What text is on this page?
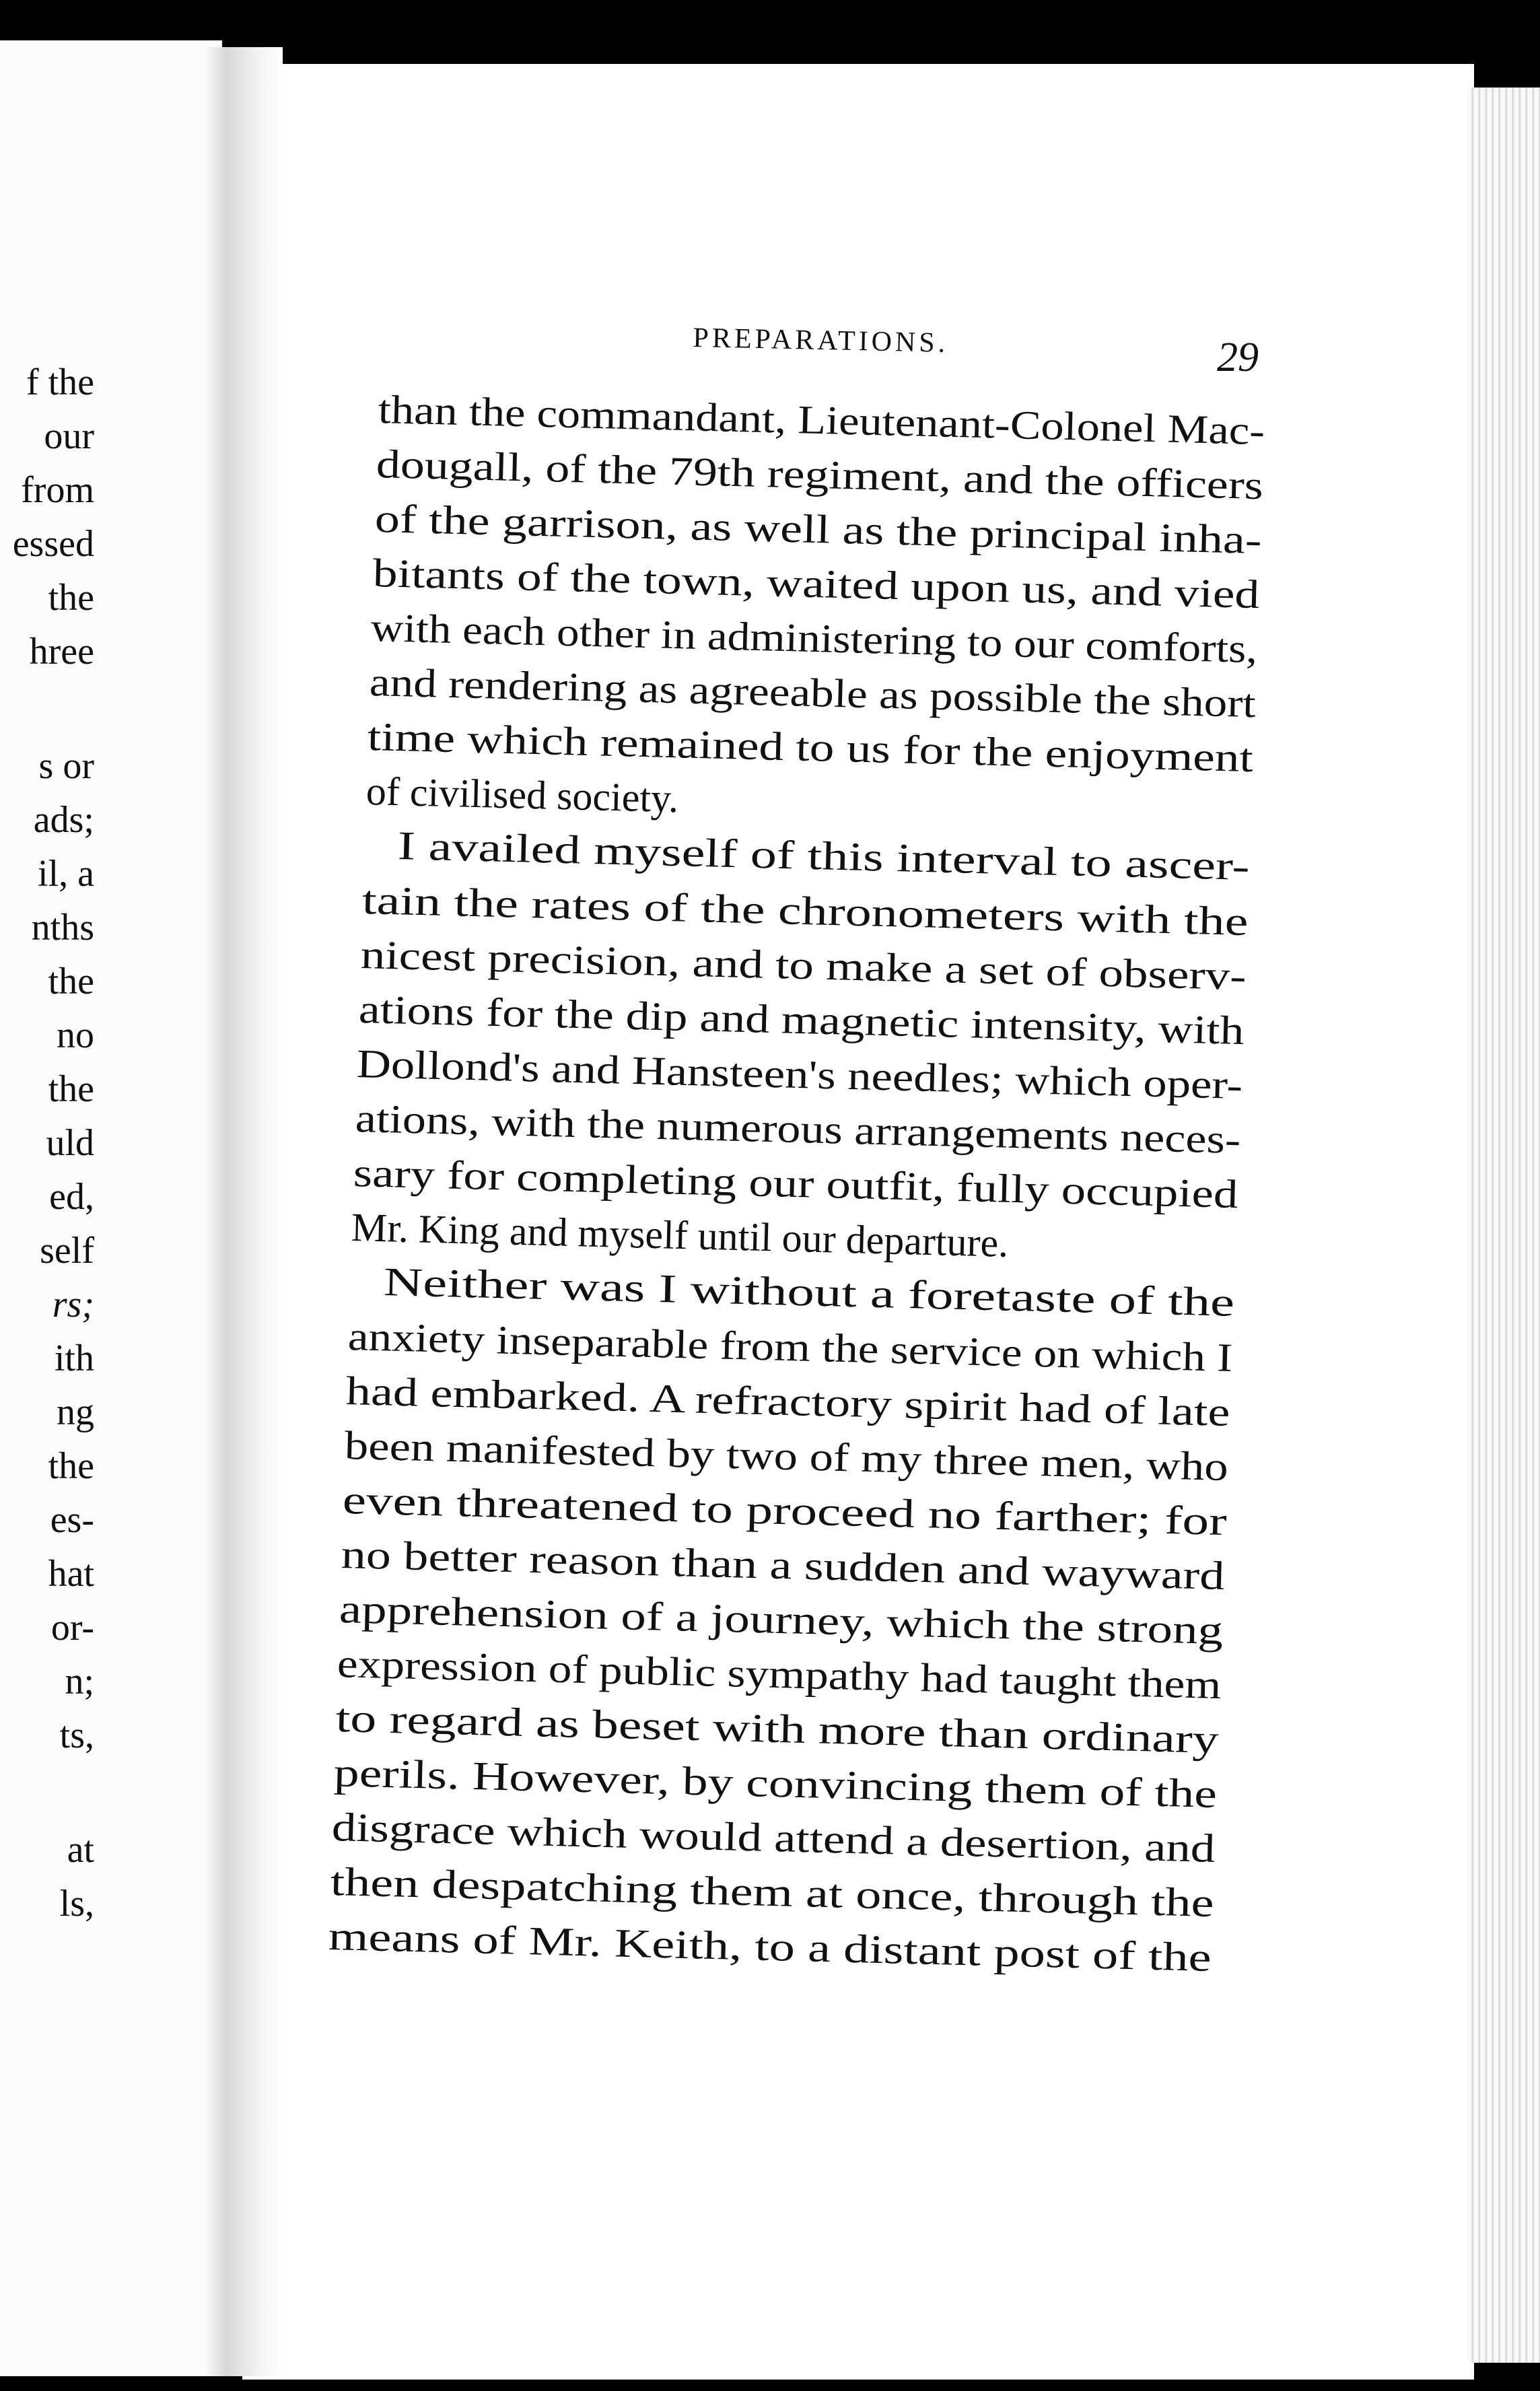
f the
our
from
essed
the
hree
s or
ads;
il, a
nths
the
no
the
uld
ed,
self
rs;
ith
ng
the
es-
hat
or-
n;
ts,
at
ls,
PREPARATIONS.	29
than the commandant, Lieutenant-Colonel Mac-
dougall, of the 79th regiment, and the officers
of the garrison, as well as the principal inha-
bitants of the town, waited upon us, and vied
with each other in administering to our comforts,
and rendering as agreeable as possible the short
time which remained to us for the enjoyment
of civilised society.
I availed myself of this interval to ascer-
tain the rates of the chronometers with the
nicest precision, and to make a set of observ-
ations for the dip and magnetic intensity, with
Dollond's and Hansteen's needles; which oper-
ations, with the numerous arrangements neces-
sary for completing our outfit, fully occupied
Mr. King and myself until our departure.
Neither was I without a foretaste of the
anxiety inseparable from the service on which I
had embarked. A refractory spirit had of late
been manifested by two of my three men, who
even threatened to proceed no farther; for
no better reason than a sudden and wayward
apprehension of a journey, which the strong
expression of public sympathy had taught them
to regard as beset with more than ordinary
perils. However, by convincing them of the
disgrace which would attend a desertion, and
then despatching them at once, through the
means of Mr. Keith, to a distant post of the
